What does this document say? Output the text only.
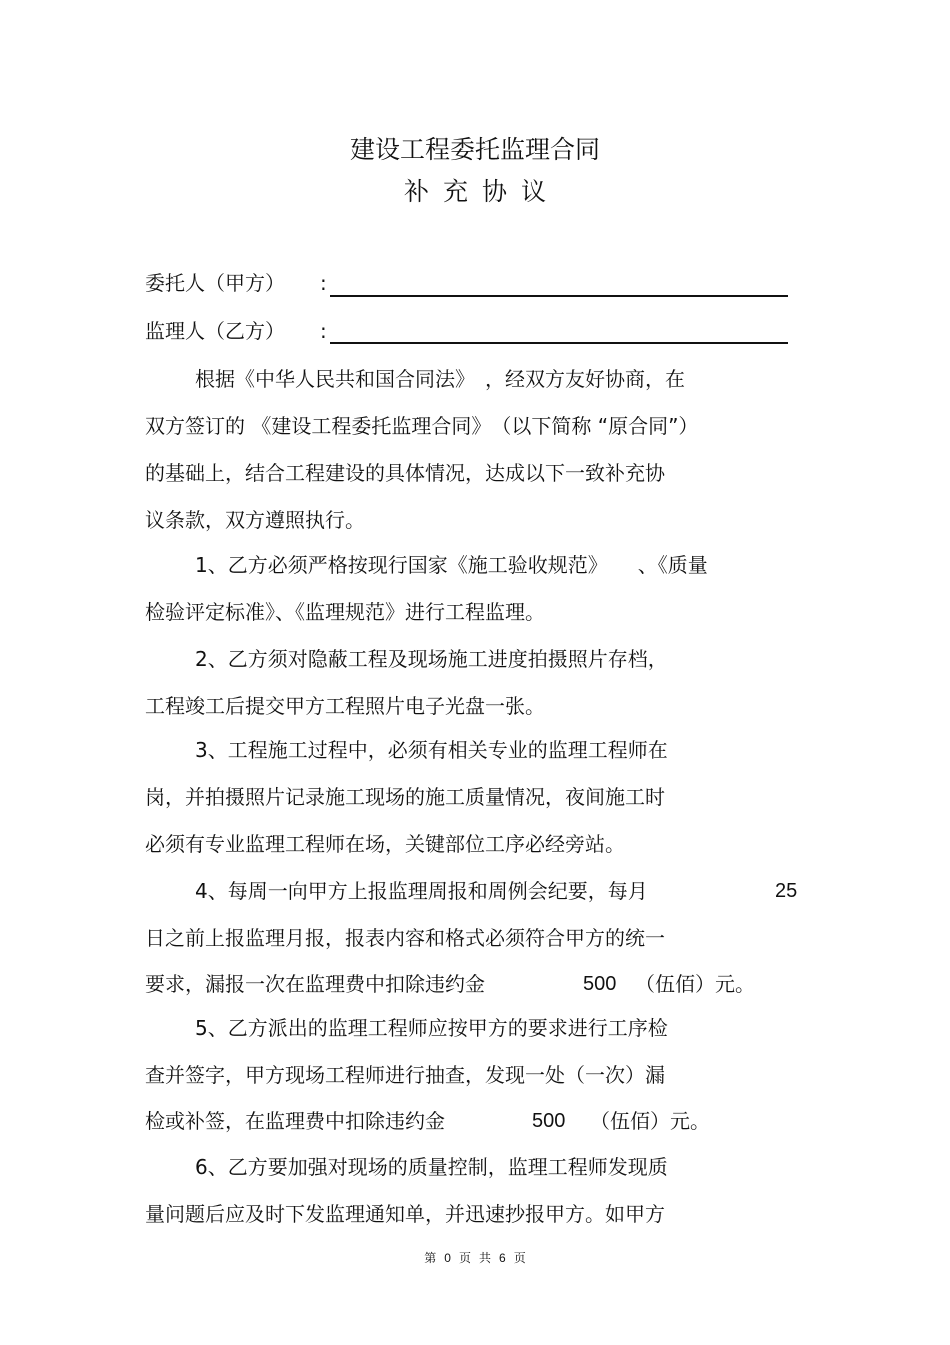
建设工程委托监理合同
补充协议
委托人（甲方） :
监理人（乙方） :
根据《中华人民共和国合同法》　，经双方友好协商，在
双方签订的 《建设工程委托监理合同》　（以下简称 “原合同”）
的基础上，结合工程建设的具体情况，达成以下一致补充协
议条款，双方遵照执行。
1、乙方必须严格按现行国家《施工验收规范》　　、《质量
检验评定标准》、《监理规范》进行工程监理。
2、乙方须对隐蔽工程及现场施工进度拍摄照片存档，
工程竣工后提交甲方工程照片电子光盘一张。
3、工程施工过程中，必须有相关专业的监理工程师在
岗，并拍摄照片记录施工现场的施工质量情况，夜间施工时
必须有专业监理工程师在场，关键部位工序必经旁站。
4、每周一向甲方上报监理周报和周例会纪要，每月	25
日之前上报监理月报，报表内容和格式必须符合甲方的统一
要求，漏报一次在监理费中扣除违约金	500 （伍佰）元。
5、乙方派出的监理工程师应按甲方的要求进行工序检
查并签字，甲方现场工程师进行抽查，发现一处（一次）漏
检或补签，在监理费中扣除违约金	500 （伍佰）元。
6、乙方要加强对现场的质量控制，监理工程师发现质
量问题后应及时下发监理通知单，并迅速抄报甲方。如甲方
第 0 页 共 6 页
